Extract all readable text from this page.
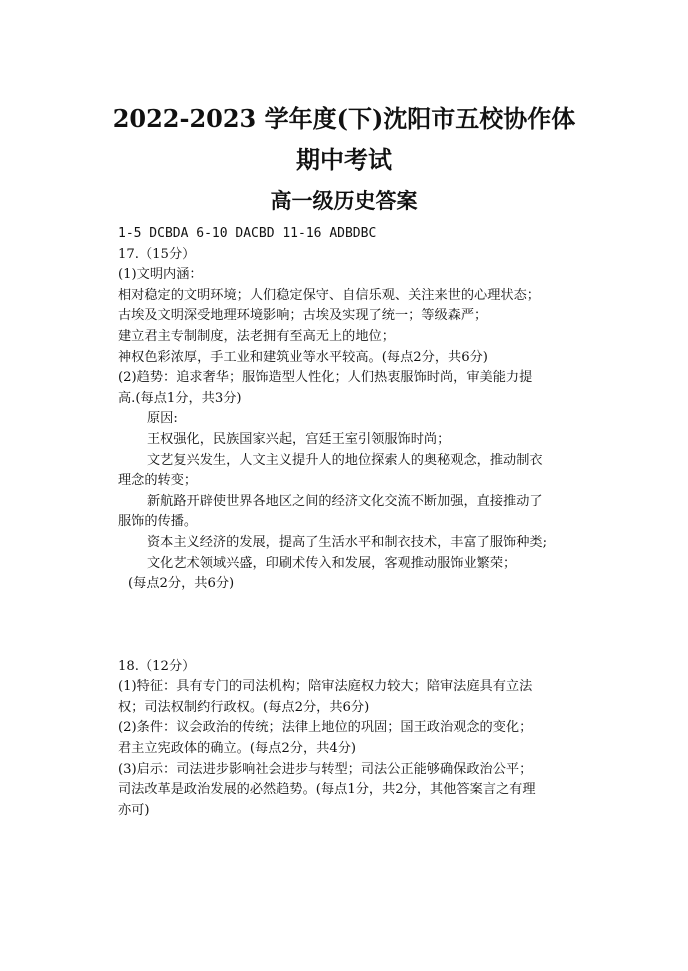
2022-2023 学年度(下)沈阳市五校协作体
期中考试
高一级历史答案
1-5 DCBDA 6-10 DACBD 11-16 ADBDBC
17.（15分）
(1)文明内涵：
相对稳定的文明环境；人们稳定保守、自信乐观、关注来世的心理状态；
古埃及文明深受地理环境影响；古埃及实现了统一；等级森严；
建立君主专制制度，法老拥有至高无上的地位；
神权色彩浓厚，手工业和建筑业等水平较高。(每点2分，共6分)
(2)趋势：追求奢华；服饰造型人性化；人们热衷服饰时尚，审美能力提
高.(每点1分，共3分)
原因:
王权强化，民族国家兴起，宫廷王室引领服饰时尚；
文艺复兴发生，人文主义提升人的地位探索人的奥秘观念，推动制衣
理念的转变；
新航路开辟使世界各地区之间的经济文化交流不断加强，直接推动了
服饰的传播。
资本主义经济的发展，提高了生活水平和制衣技术，丰富了服饰种类;
文化艺术领域兴盛，印刷术传入和发展，客观推动服饰业繁荣；
(每点2分，共6分)
18.（12分）
(1)特征：具有专门的司法机构；陪审法庭权力较大；陪审法庭具有立法
权；司法权制约行政权。(每点2分，共6分)
(2)条件：议会政治的传统；法律上地位的巩固；国王政治观念的变化；
君主立宪政体的确立。(每点2分，共4分)
(3)启示：司法进步影响社会进步与转型；司法公正能够确保政治公平；
司法改革是政治发展的必然趋势。(每点1分，共2分，其他答案言之有理
亦可)
